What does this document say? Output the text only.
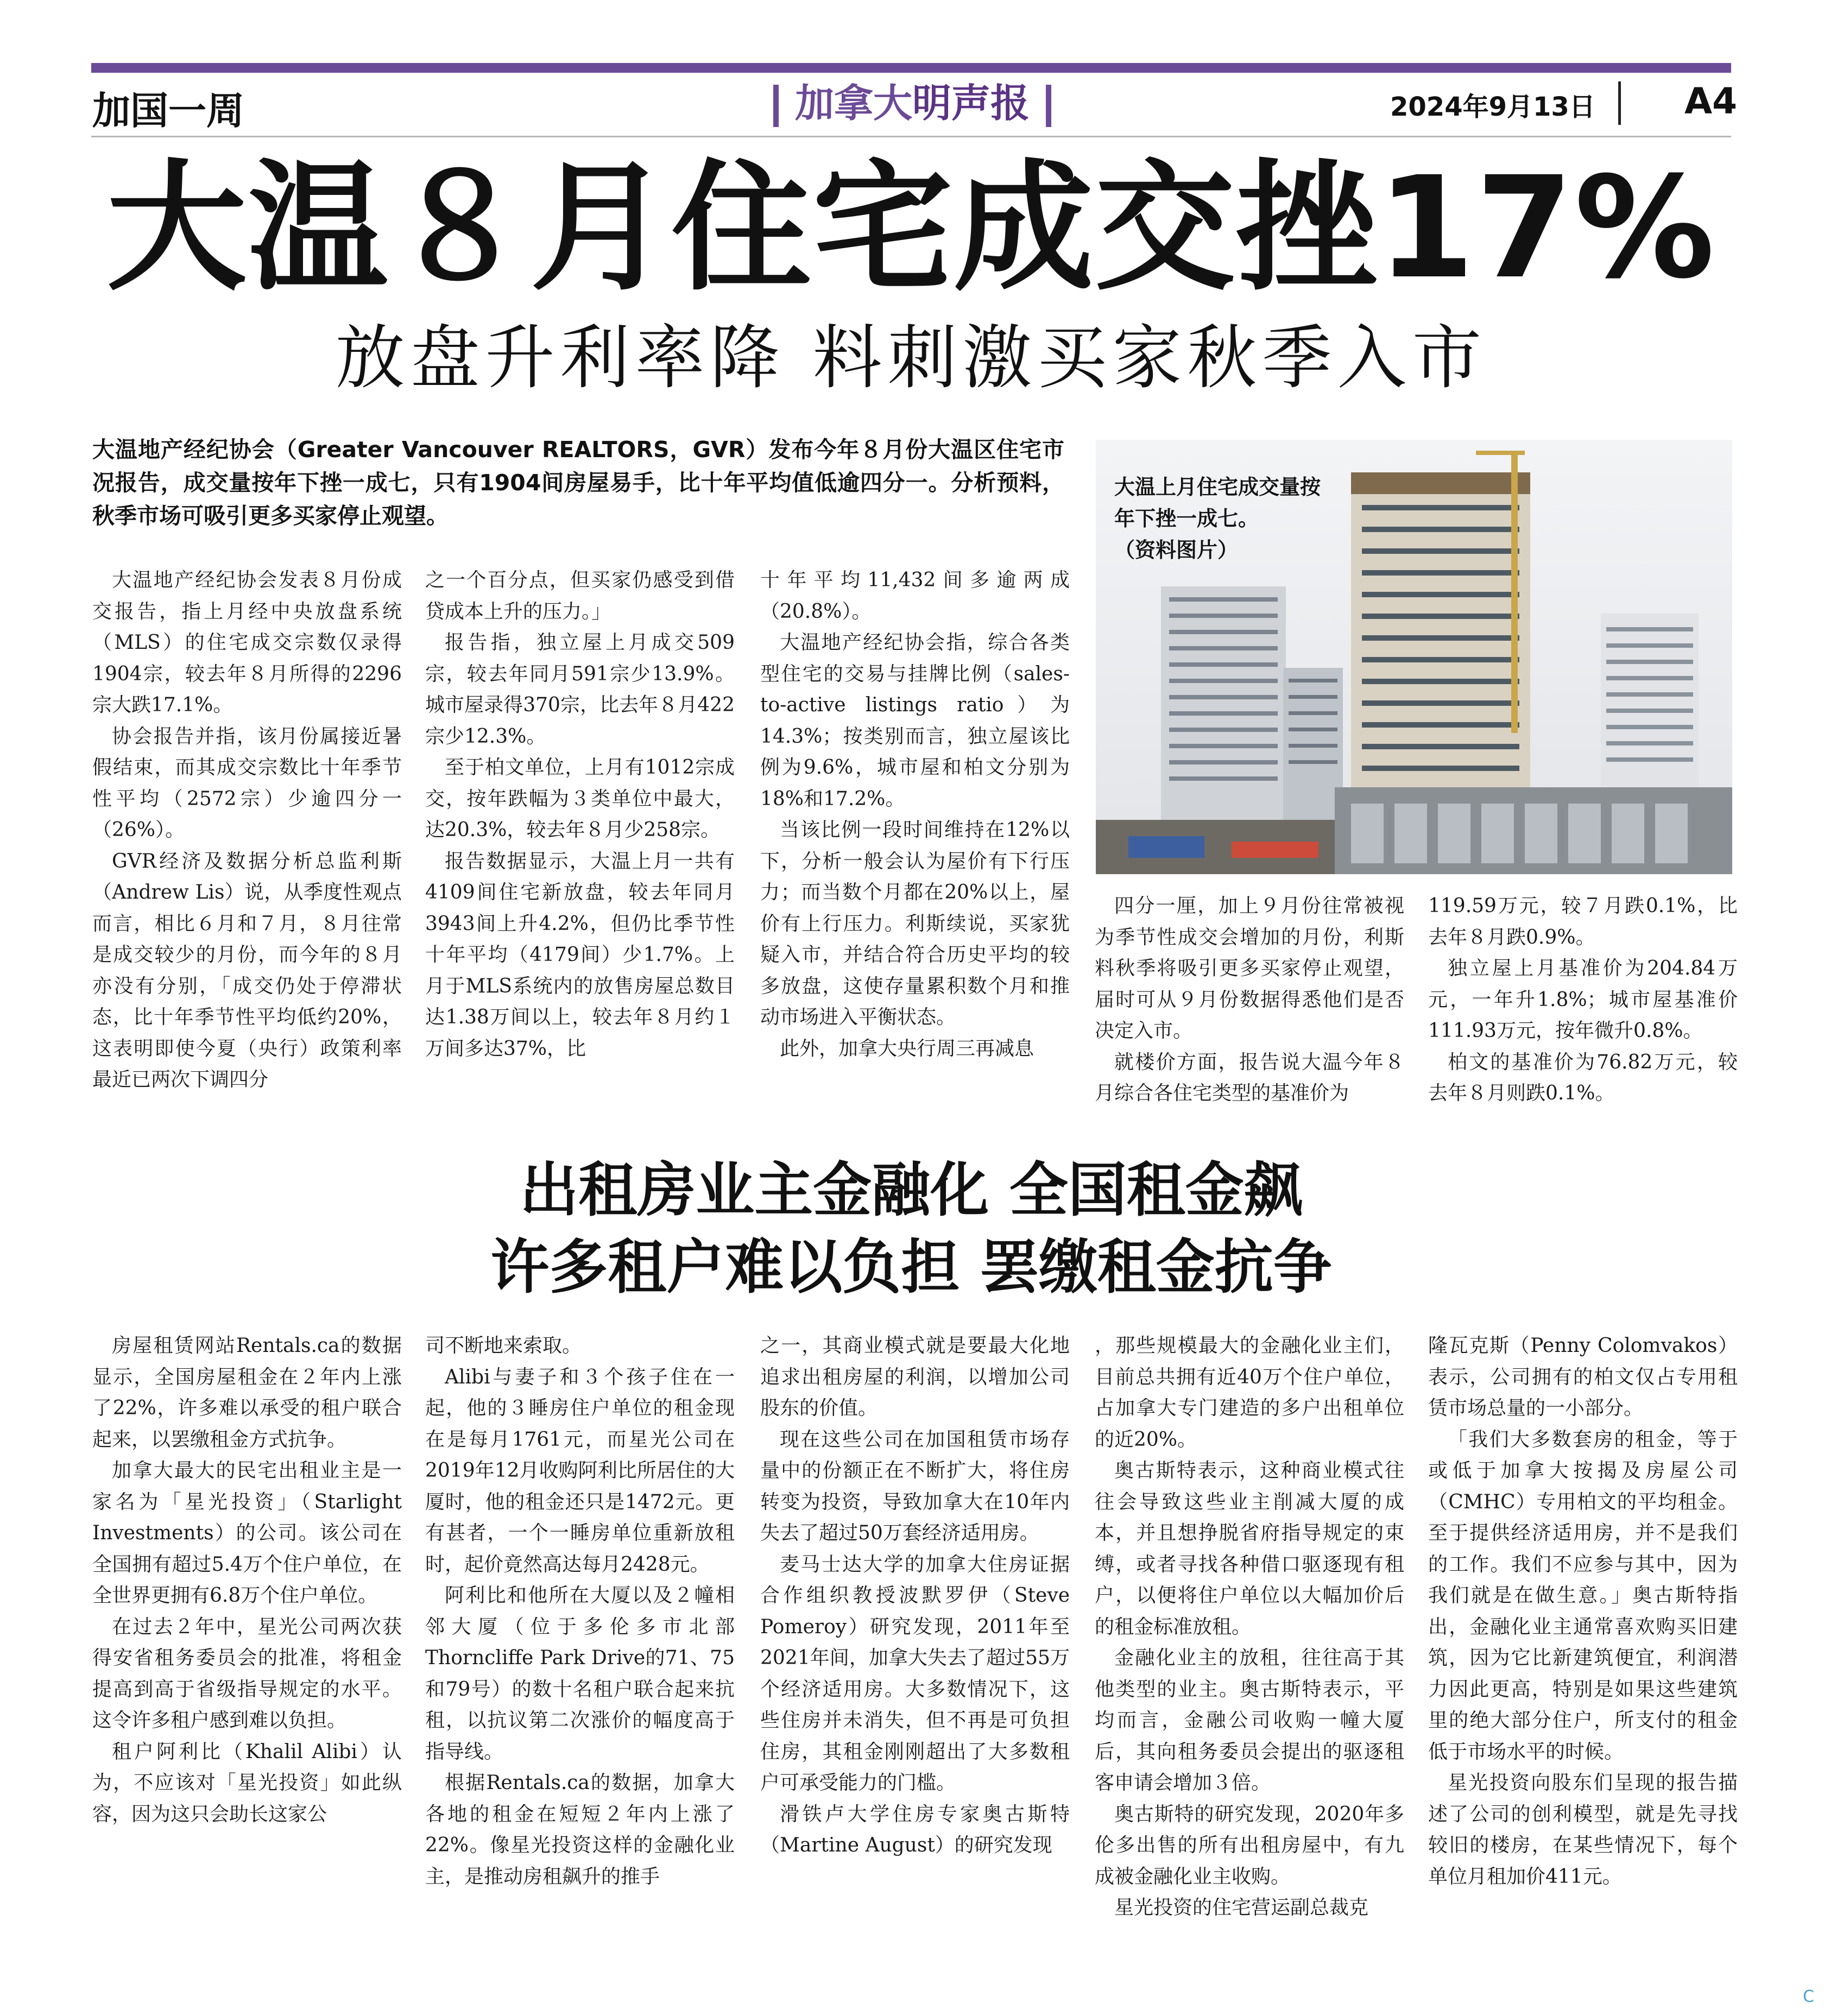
加国一周	加拿大明声报	2024年9月13日 A4
大温８月住宅成交挫17%
放盘升利率降 料刺激买家秋季入市
大温地产经纪协会（Greater Vancouver REALTORS，GVR）发布今年８月份大温区住宅市况报告，成交量按年下挫一成七，只有1904间房屋易手，比十年平均值低逾四分一。分析预料，秋季市场可吸引更多买家停止观望。

大温地产经纪协会发表８月份成交报告，指上月经中央放盘系统（MLS）的住宅成交宗数仅录得1904宗，较去年８月所得的2296宗大跌17.1%。

协会报告并指，该月份属接近暑假结束，而其成交宗数比十年季节性平均（2572宗）少逾四分一（26%）。

GVR经济及数据分析总监利斯（Andrew Lis）说，从季度性观点而言，相比６月和７月，８月往常是成交较少的月份，而今年的８月亦没有分别，「成交仍处于停滞状态，比十年季节性平均低约20%，这表明即使今夏（央行）政策利率最近已两次下调四分

之一个百分点，但买家仍感受到借贷成本上升的压力。」

报告指，独立屋上月成交509宗，较去年同月591宗少13.9%。城市屋录得370宗，比去年８月422宗少12.3%。

至于柏文单位，上月有1012宗成交，按年跌幅为３类单位中最大，达20.3%，较去年８月少258宗。

报告数据显示，大温上月一共有4109间住宅新放盘，较去年同月3943间上升4.2%，但仍比季节性十年平均（4179间）少1.7%。上月于MLS系统内的放售房屋总数目达1.38万间以上，较去年８月约１万间多达37%，比

十年平均11,432间多逾两成（20.8%）。

大温地产经纪协会指，综合各类型住宅的交易与挂牌比例（sales-to-active listings ratio）为14.3%；按类别而言，独立屋该比例为9.6%，城市屋和柏文分别为18%和17.2%。

当该比例一段时间维持在12%以下，分析一般会认为屋价有下行压力；而当数个月都在20%以上，屋价有上行压力。利斯续说，买家犹疑入市，并结合符合历史平均的较多放盘，这使存量累积数个月和推动市场进入平衡状态。

此外，加拿大央行周三再减息

四分一厘，加上９月份往常被视为季节性成交会增加的月份，利斯料秋季将吸引更多买家停止观望，届时可从９月份数据得悉他们是否决定入市。

就楼价方面，报告说大温今年８月综合各住宅类型的基准价为

119.59万元，较７月跌0.1%，比去年８月跌0.9%。

独立屋上月基准价为204.84万元，一年升1.8%；城市屋基准价111.93万元，按年微升0.8%。

柏文的基准价为76.82万元，较去年８月则跌0.1%。

大温上月住宅成交量按
年下挫一成七。
（资料图片）
出租房业主金融化 全国租金飙
许多租户难以负担 罢缴租金抗争

房屋租赁网站Rentals.ca的数据显示，全国房屋租金在２年内上涨了22%，许多难以承受的租户联合起来，以罢缴租金方式抗争。

加拿大最大的民宅出租业主是一家名为「星光投资」（Starlight Investments）的公司。该公司在全国拥有超过5.4万个住户单位，在全世界更拥有6.8万个住户单位。

在过去２年中，星光公司两次获得安省租务委员会的批准，将租金提高到高于省级指导规定的水平。这令许多租户感到难以负担。

租户阿利比（Khalil Alibi）认为，不应该对「星光投资」如此纵容，因为这只会助长这家公

司不断地来索取。

Alibi与妻子和３个孩子住在一起，他的３睡房住户单位的租金现在是每月1761元，而星光公司在2019年12月收购阿利比所居住的大厦时，他的租金还只是1472元。更有甚者，一个一睡房单位重新放租时，起价竟然高达每月2428元。

阿利比和他所在大厦以及２幢相邻大厦（位于多伦多市北部Thorncliffe Park Drive的71、75和79号）的数十名租户联合起来抗租，以抗议第二次涨价的幅度高于指导线。

根据Rentals.ca的数据，加拿大各地的租金在短短２年内上涨了22%。像星光投资这样的金融化业主，是推动房租飙升的推手

之一，其商业模式就是要最大化地追求出租房屋的利润，以增加公司股东的价值。

现在这些公司在加国租赁市场存量中的份额正在不断扩大，将住房转变为投资，导致加拿大在10年内失去了超过50万套经济适用房。

麦马士达大学的加拿大住房证据合作组织教授波默罗伊（Steve Pomeroy）研究发现，2011年至2021年间，加拿大失去了超过55万个经济适用房。大多数情况下，这些住房并未消失，但不再是可负担住房，其租金刚刚超出了大多数租户可承受能力的门槛。

滑铁卢大学住房专家奥古斯特（Martine August）的研究发现

，那些规模最大的金融化业主们，目前总共拥有近40万个住户单位，占加拿大专门建造的多户出租单位的近20%。

奥古斯特表示，这种商业模式往往会导致这些业主削减大厦的成本，并且想挣脱省府指导规定的束缚，或者寻找各种借口驱逐现有租户，以便将住户单位以大幅加价后的租金标准放租。

金融化业主的放租，往往高于其他类型的业主。奥古斯特表示，平均而言，金融公司收购一幢大厦后，其向租务委员会提出的驱逐租客申请会增加３倍。

奥古斯特的研究发现，2020年多伦多出售的所有出租房屋中，有九成被金融化业主收购。

星光投资的住宅营运副总裁克

隆瓦克斯（Penny Colomvakos）表示，公司拥有的柏文仅占专用租赁市场总量的一小部分。

「我们大多数套房的租金，等于或低于加拿大按揭及房屋公司（CMHC）专用柏文的平均租金。至于提供经济适用房，并不是我们的工作。我们不应参与其中，因为我们就是在做生意。」奥古斯特指出，金融化业主通常喜欢购买旧建筑，因为它比新建筑便宜，利润潜力因此更高，特别是如果这些建筑里的绝大部分住户，所支付的租金低于市场水平的时候。

星光投资向股东们呈现的报告描述了公司的创利模型，就是先寻找较旧的楼房，在某些情况下，每个单位月租加价411元。

C
